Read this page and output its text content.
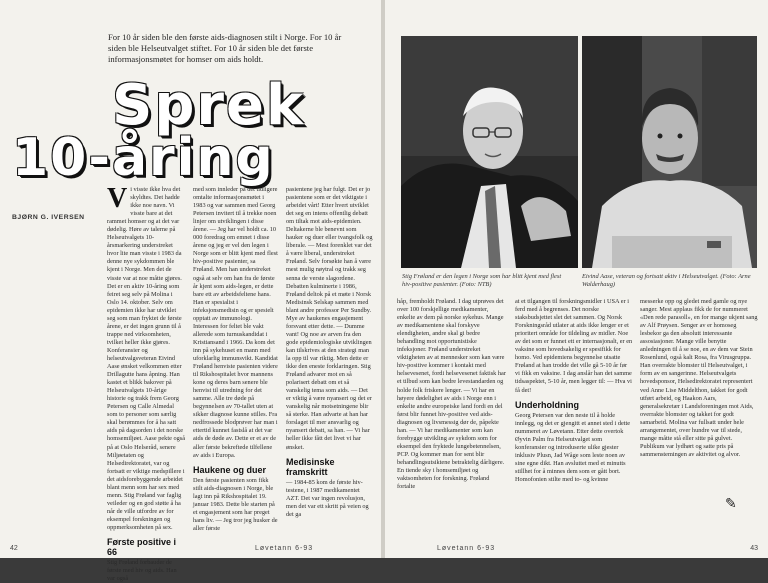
For 10 år siden ble den første aids-diagnosen stilt i Norge. For 10 år siden ble Helseutvalget stiftet. For 10 år siden ble det første informasjonsmøtet for homser om aids holdt.

Sprek
10-åring
BJØRN G. IVERSEN

Vi visste ikke hva det skyldtes. Det hadde ikke noe navn. Vi visste bare at det rammet homser og at det var dødelig. Høre av talerne på Helseutvalgets 10-årsmarkering understreket hvor lite man visste i 1983 da denne nye sykdommen ble kjent i Norge. Men det de visste var at noe måtte gjøres. Det er en aktiv 10-åring som feiret seg selv på Molina i Oslo 14. oktober. Selv om epidemien ikke har utviklet seg som man fryktet de første årene, er det ingen grunn til å trappe ned virksomheten, tvilket heller ikke gjøres. Konferansier og helseutvalgsveteran Eivind Aase ønsket velkommen etter Drillagutte hans åpning. Han kastet et blikk bakover på Helseutvalgets 10-årige historie og trakk frem Georg Petersen og Calle Almedal som to personer som særlig skal berømmes for å ha satt aids på dagsorden i det norske homsemiljøet. Aase pekte også på at Oslo Helseråd, senere Miljøetaten og Helsedirektoratet, var og fortsatt er viktige medspillere i det aidsforebyggende arbeidet blant menn som har sex med menn. Stig Frøland var faglig veileder og en god støtte å ha når de ville utfordre av for eksempel forskningen og oppmerksomheten på sex.

Første positive i 66

Stig Frøland forbauder de første med hiv og aids. Han var også

med som innleder på det tidligere omtalte informasjonsmøtet i 1983 og var sammen med Georg Petersen invitert til å trekke noen linjer om utviklingen i disse årene. — Jeg har vel holdt ca. 10 000 foredrag om emnet i disse årene og jeg er vel den legen i Norge som er blitt kjent med flest hiv-positive pasienter, sa Frøland. Men han understreket også at selv om han fra de første år kjent som aids-legen, er dette bare ett av arbeidsfeltene hans. Han er spesialist i infeksjonsmedisin og er spesielt opptatt av immunologi. Interessen for feltet ble vakt allerede som turnuskandidat i Kristiansand i 1966. Da kom det inn på sykehuset en mann med uforklarlig immunsvikt. Kandidat Frøland henviste pasienten videre til Rikshospitalet hvor mannens kone og deres barn senere ble henvist til utredning for det samme. Alle tre døde på begynnelsen av 70-tallet uten at sikker diagnose kunne stilles. Fra nedfrossede blodprøver har man i ettertid kunnet fastslå at det var aids de døde av. Dette er et av de aller første bekreftede tilfellene av aids i Europa.

Haukene og duer

Den første pasienten som fikk stilt aids-diagnosen i Norge, ble lagt inn på Rikshospitalet 19. januar 1983. Dette ble starten på et engasjement som har preget hans liv. — Jeg tror jeg husker de aller første

pasientene jeg har fulgt. Det er jo pasientene som er det viktigste i arbeidet vårt! Etter hvert utviklet det seg en intens offentlig debatt om tiltak mot aids-epidemien. Deltakerne ble benevnt som hauker og duer eller tvangsfolk og liberale. — Mest forenklet var det å være liberal, understreket Frøland. Selv forsøkte han å være mest mulig nøytral og trakk seg senna de verste slagordene. Debatten kulminerte i 1986, Frøland deltok på et møte i Norsk Medisinsk Selskap sammen med blant andre professor Per Sundby. Mye av haukenes engasjement forsvant etter dette. — Dumme vant! Og noe av arven fra den gode epidemiologiske utviklingen kan tilskrives at den strategi man la opp til var riktig. Men dette er ikke den eneste forklaringen. Stig Frøland advarer mot en så polarisert debatt om et så vanskelig tema som aids. — Det er viktig å være nyansert og det er vanskelig når motsetningene blir så sterke. Han advarte at han har forslaget til mer ansvarlig og nyansert debatt, sa han. — Vi har heller ikke fått det livet vi har ønsket.

Medisinske framskritt

— 1984-85 kom de første hiv-testene, i 1987 medikamentet AZT. Det var ingen revolusjon, men det var ett skritt på veien og det ga

42	Løvetann 6-93
Stig Frøland er den legen i Norge som har blitt kjent med flest hiv-positive pasienter. (Foto: NTB)
Eivind Aase, veteran og fortsatt aktiv i Helseutvalget. (Foto: Arne Walderhaug)

håp, fremholdt Frøland. I dag utprøves det over 100 forskjellige medikamenter, enkelte av dem på norske sykehus. Mange av medikamentene skal forskyve elendigheten, andre skal gi bedre behandling mot opportunistiske infeksjoner. Frøland understreket viktigheten av at mennesker som kan være hiv-positive kommer i kontakt med helsevesenet, fordi helsevesenet faktisk har et tilbud som kan bedre levestandarden og holde folk friskere lenger. — Vi har en høyere dødelighet av aids i Norge enn i enkelte andre europeiske land fordi en del først blir funnet hiv-positive ved aids-diagnosen og livsmessig dør de, påpekte han. — Vi har medikamenter som kan forebygge utvikling av sykdom som for eksempel den fryktede lungebetennelsen, PCP. Og kommer man for sent blir behandlingsutsiktene betraktelig dårligere. En tiende sky i homsemiljøet og vaktsomheten for forskning. Frøland fortalte

at et tilgangen til forskningsmidler i USA er i ferd med å begrenses. Det norske staksbudsjettet slet det sammen. Og Norsk Forskningsråd utlater at aids ikke lenger er et prioritert område for tildeling av midler. Noe av det som er funnet ett er internasjonalt, er en vaksine som hovedsakelig er spesifikk for homo. Ved epidemiens begynnelse utsatte Frøland at han trodde det ville gå 5-10 år før vi fikk en vaksine. I dag anslår han det samme tidsaspektet, 5-10 år, men legger til: — Hva vi få det!

Underholdning

Georg Petersen var den neste til å holde innlegg, og det er gjengitt et annet sted i dette nummeret av Løvetann. Etter dette overtok Øyvin Palm fra Helseutvalget som konferansier og introduserte ulike gjester inklusiv Plusn, Jad Wåge som leste noen av sine egne dikt. Han avsluttet med et minutts stillhet for å minnes dem som er gått bort. Homofonien stilte med to- og kvinne

messerke opp og gledet med gamle og nye sanger. Mest applaus fikk de for nummeret «Den rede parasoll», en for mange ukjent sang av Alf Prøysen. Senger av er homoseg lesbekor ga den absolutt interessante assosiasjoner. Mange ville benytte anledningen til å se noe, en av dem var Stein Rosenlund, også kalt Rosa, fra Virusgruppa. Han overrakte blomster til Helseutvalget, i form av en sangerinne. Helseutvalgets hovedsponsor, Helsedirektoratet representert ved Anne Lise Middelthon, takket for godt utført arbeid, og Haakon Aars, generalsekretær i Landsforeningen mot Aids, overrakte blomster og takket for godt samarbeid. Molina var fullsatt under hele arrangementet, over hundre var til stede, mange måtte stå eller sitte på gulvet. Publikum var lydhørt og satte pris på sammenstemingen av aktivitet og alvor.

✎
Løvetann 6-93	43
